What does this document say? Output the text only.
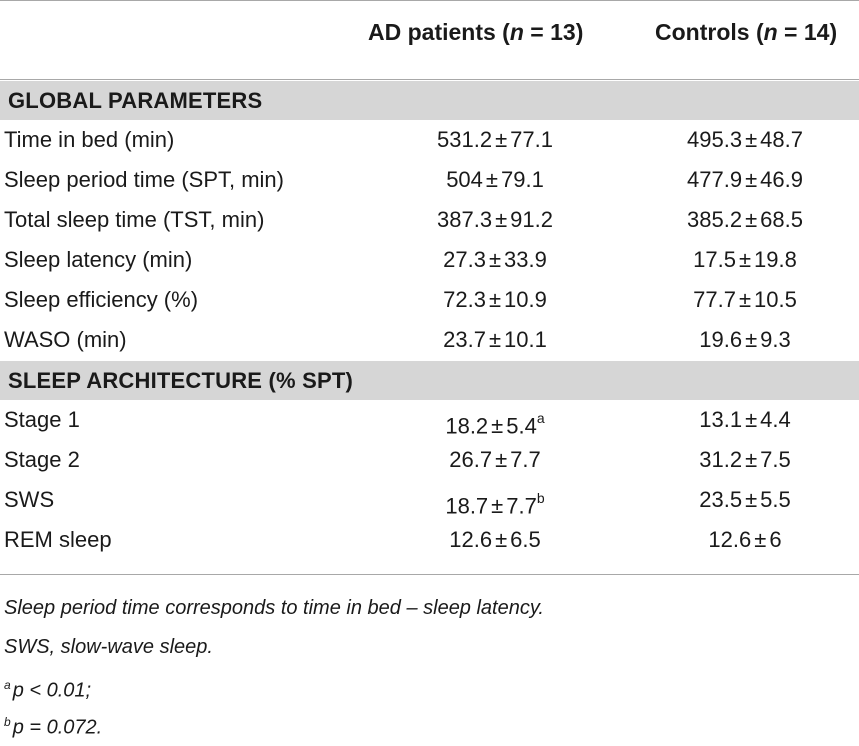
AD patients (n = 13)	Controls (n = 14)
GLOBAL PARAMETERS
Time in bed (min)	531.2 ± 77.1	495.3 ± 48.7
Sleep period time (SPT, min)	504 ± 79.1	477.9 ± 46.9
Total sleep time (TST, min)	387.3 ± 91.2	385.2 ± 68.5
Sleep latency (min)	27.3 ± 33.9	17.5 ± 19.8
Sleep efficiency (%)	72.3 ± 10.9	77.7 ± 10.5
WASO (min)	23.7 ± 10.1	19.6 ± 9.3
SLEEP ARCHITECTURE (% SPT)
Stage 1	18.2 ± 5.4$^a$	13.1 ± 4.4
Stage 2	26.7 ± 7.7	31.2 ± 7.5
SWS	18.7 ± 7.7$^b$	23.5 ± 5.5
REM sleep	12.6 ± 6.5	12.6 ± 6
Sleep period time corresponds to time in bed – sleep latency.
SWS, slow-wave sleep.
$^a$ p < 0.01;
$^b$ p = 0.072.
